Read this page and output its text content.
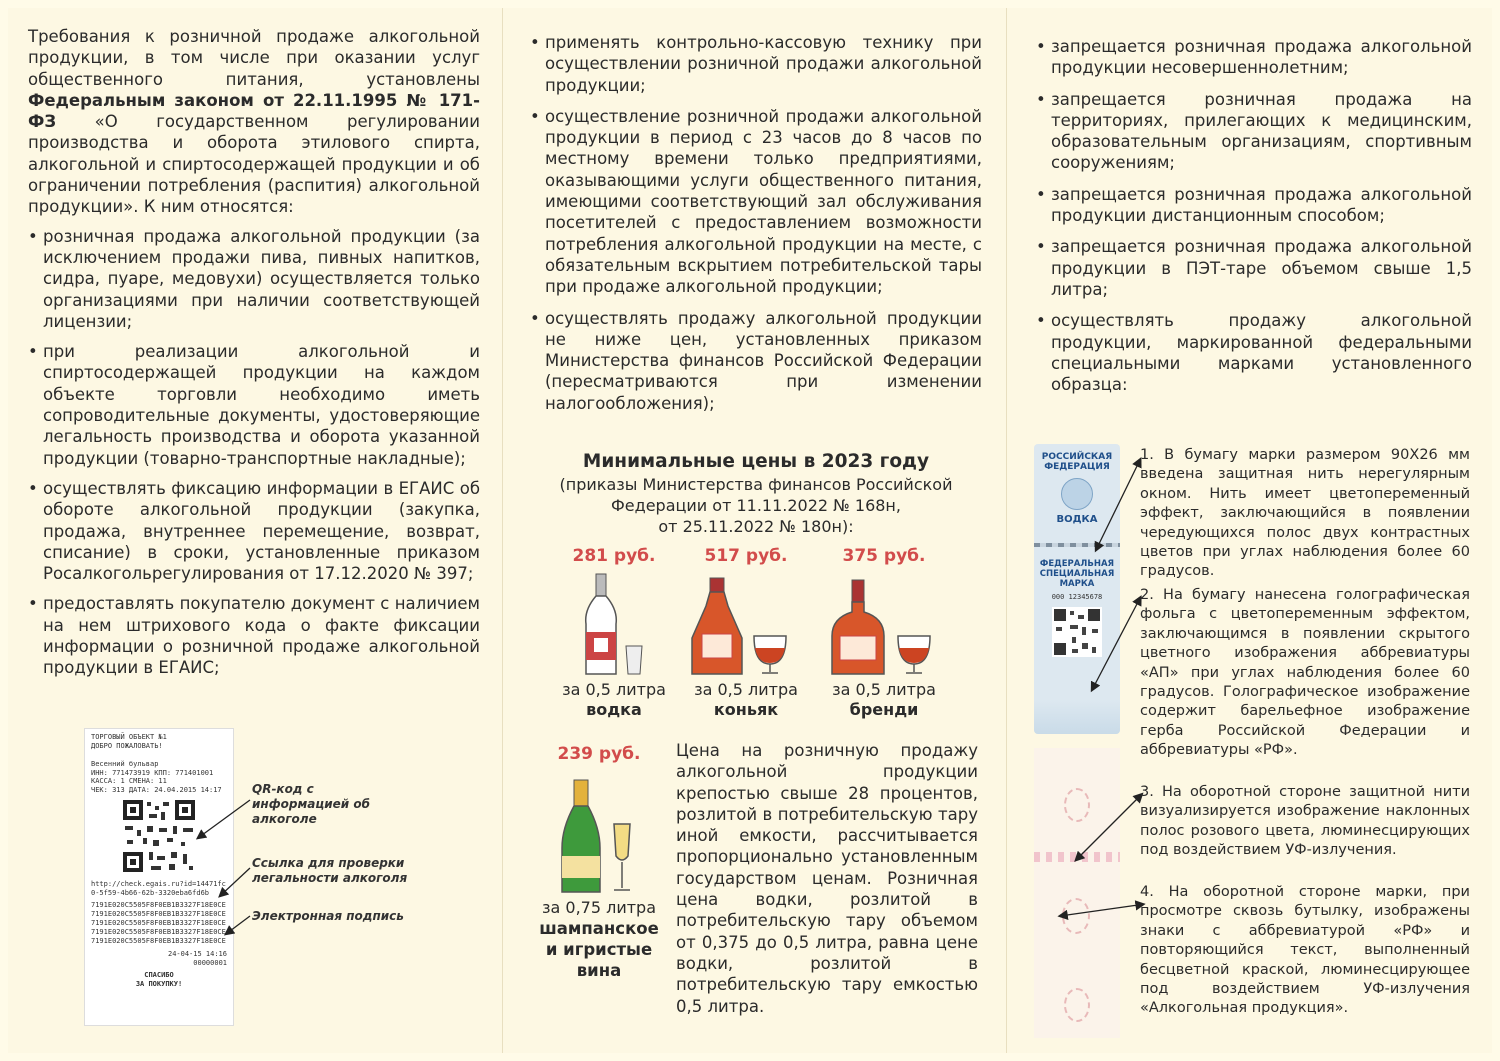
Требования к розничной продаже алкогольной продукции, в том числе при оказании услуг общественного питания, установлены Федеральным законом от 22.11.1995 № 171-ФЗ «О государственном регулировании производства и оборота этилового спирта, алкогольной и спиртосодержащей продукции и об ограничении потребления (распития) алкогольной продукции». К ним относятся:

• розничная продажа алкогольной продукции (за исключением продажи пива, пивных напитков, сидра, пуаре, медовухи) осуществляется только организациями при наличии соответствующей лицензии;
• при реализации алкогольной и спиртосодержащей продукции на каждом объекте торговли необходимо иметь сопроводительные документы, удостоверяющие легальность производства и оборота указанной продукции (товарно-транспортные накладные);
• осуществлять фиксацию информации в ЕГАИС об обороте алкогольной продукции (закупка, продажа, внутреннее перемещение, возврат, списание) в сроки, установленные приказом Росалкогольрегулирования от 17.12.2020 № 397;
• предоставлять покупателю документ с наличием на нем штрихового кода о факте фиксации информации о розничной продаже алкогольной продукции в ЕГАИС;
ТОРГОВЫЙ ОБЪЕКТ №1
ДОБРО ПОЖАЛОВАТЬ!
Весенний бульвар
ИНН: 771473919 КПП: 771401001
КАССА: 1 СМЕНА: 11
ЧЕК: 313 ДАТА: 24.04.2015 14:17
http://check.egais.ru?id=14471fc0-5f59-4b66-62b-3320eba6fd6b
7191E020C5505F8F0EB1B3327F18E0CE
7191E020C5505F8F0EB1B3327F18E0CE
7191E020C5505F8F0EB1B3327F18E0CE
7191E020C5505F8F0EB1B3327F18E0CE
7191E020C5505F8F0EB1B3327F18E0CE
24-04-15 14:16
00000001
СПАСИБО
ЗА ПОКУПКУ!
QR-код с информацией об алкоголе
Ссылка для проверки легальности алкоголя
Электронная подпись
• применять контрольно-кассовую технику при осуществлении розничной продажи алкогольной продукции;
• осуществление розничной продажи алкогольной продукции в период с 23 часов до 8 часов по местному времени только предприятиями, оказывающими услуги общественного питания, имеющими соответствующий зал обслуживания посетителей с предоставлением возможности потребления алкогольной продукции на месте, с обязательным вскрытием потребительской тары при продаже алкогольной продукции;
• осуществлять продажу алкогольной продукции не ниже цен, установленных приказом Министерства финансов Российской Федерации (пересматриваются при изменении налогообложения);
Минимальные цены в 2023 году
(приказы Министерства финансов Российской
Федерации от 11.11.2022 № 168н,
от 25.11.2022 № 180н):
281 руб.
за 0,5 литра
водка
517 руб.
за 0,5 литра
коньяк
375 руб.
за 0,5 литра
бренди
239 руб.
за 0,75 литра
шампанское и игристые вина
Цена на розничную продажу алкогольной продукции крепостью свыше 28 процентов, розлитой в потребительскую тару иной емкости, рассчитывается пропорционально установленным государством ценам. Розничная цена водки, розлитой в потребительскую тару объемом от 0,375 до 0,5 литра, равна цене водки, розлитой в потребительскую тару емкостью 0,5 литра.
• запрещается розничная продажа алкогольной продукции несовершеннолетним;
• запрещается розничная продажа на территориях, прилегающих к медицинским, образовательным организациям, спортивным сооружениям;
• запрещается розничная продажа алкогольной продукции дистанционным способом;
• запрещается розничная продажа алкогольной продукции в ПЭТ-таре объемом свыше 1,5 литра;
• осуществлять продажу алкогольной продукции, маркированной федеральными специальными марками установленного образца:
РОССИЙСКАЯ
ФЕДЕРАЦИЯ
ВОДКА
ФЕДЕРАЛЬНАЯ
СПЕЦИАЛЬНАЯ
МАРКА
000 12345678
1. В бумагу марки размером 90Х26 мм введена защитная нить нерегулярным окном. Нить имеет цветопеременный эффект, заключающийся в появлении чередующихся полос двух контрастных цветов при углах наблюдения более 60 градусов.
2. На бумагу нанесена голографическая фольга с цветопеременным эффектом, заключающимся в появлении скрытого цветного изображения аббревиатуры «АП» при углах наблюдения более 60 градусов. Голографическое изображение содержит барельефное изображение герба Российской Федерации и аббревиатуры «РФ».
3. На оборотной стороне защитной нити визуализируется изображение наклонных полос розового цвета, люминесцирующих под воздействием УФ-излучения.
4. На оборотной стороне марки, при просмотре сквозь бутылку, изображены знаки с аббревиатурой «РФ» и повторяющийся текст, выполненный бесцветной краской, люминесцирующее под воздействием УФ-излучения «Алкогольная продукция».
